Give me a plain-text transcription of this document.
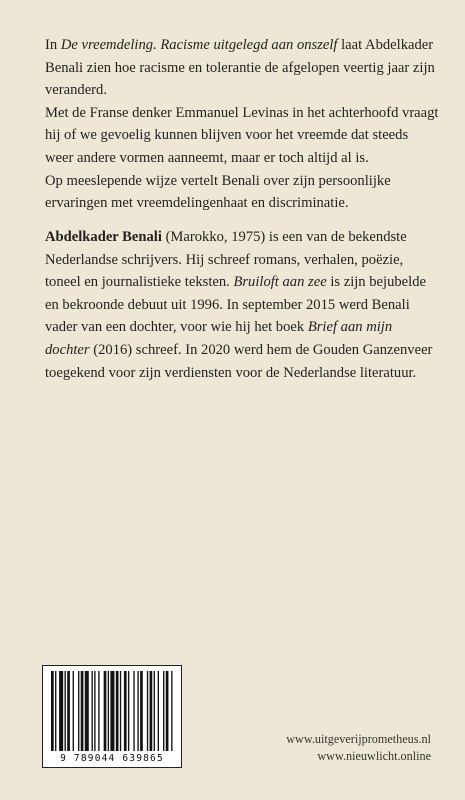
In De vreemdeling. Racisme uitgelegd aan onszelf laat Abdelkader Benali zien hoe racisme en tolerantie de afgelopen veertig jaar zijn veranderd.

Met de Franse denker Emmanuel Levinas in het achterhoofd vraagt hij of we gevoelig kunnen blijven voor het vreemde dat steeds weer andere vormen aanneemt, maar er toch altijd al is.

Op meeslepende wijze vertelt Benali over zijn persoonlijke ervaringen met vreemdelingenhaat en discriminatie.

Abdelkader Benali (Marokko, 1975) is een van de bekendste Nederlandse schrijvers. Hij schreef romans, verhalen, poëzie, toneel en journalistieke teksten. Bruiloft aan zee is zijn bejubelde en bekroonde debuut uit 1996. In september 2015 werd Benali vader van een dochter, voor wie hij het boek Brief aan mijn dochter (2016) schreef. In 2020 werd hem de Gouden Ganzenveer toegekend voor zijn verdiensten voor de Nederlandse literatuur.

9 789044 639865
www.uitgeverijprometheus.nl
www.nieuwlicht.online
